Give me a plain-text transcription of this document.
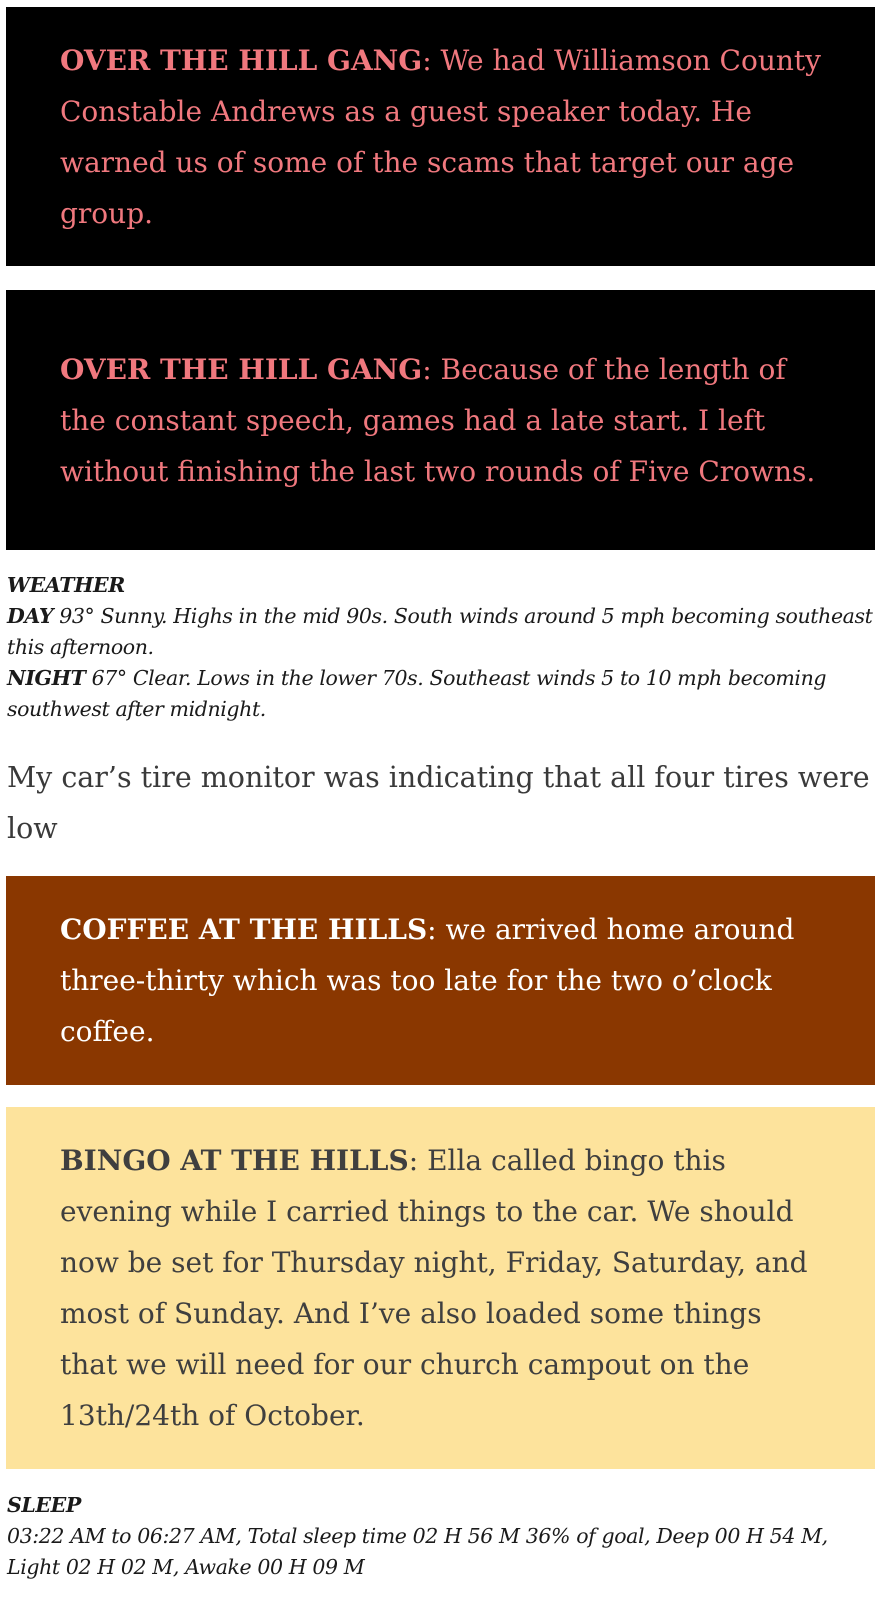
OVER THE HILL GANG: We had Williamson County Constable Andrews as a guest speaker today. He warned us of some of the scams that target our age group.

OVER THE HILL GANG: Because of the length of the constant speech, games had a late start. I left without finishing the last two rounds of Five Crowns.

WEATHER
DAY 93° Sunny. Highs in the mid 90s. South winds around 5 mph becoming southeast this afternoon.
NIGHT 67° Clear. Lows in the lower 70s. Southeast winds 5 to 10 mph becoming southwest after midnight.

My car’s tire monitor was indicating that all four tires were low

COFFEE AT THE HILLS: we arrived home around three-thirty which was too late for the two o’clock coffee.

BINGO AT THE HILLS: Ella called bingo this evening while I carried things to the car. We should now be set for Thursday night, Friday, Saturday, and most of Sunday. And I’ve also loaded some things that we will need for our church campout on the 13th/24th of October.

SLEEP
03:22 AM to 06:27 AM, Total sleep time 02 H 56 M 36% of goal, Deep 00 H 54 M, Light 02 H 02 M, Awake 00 H 09 M
